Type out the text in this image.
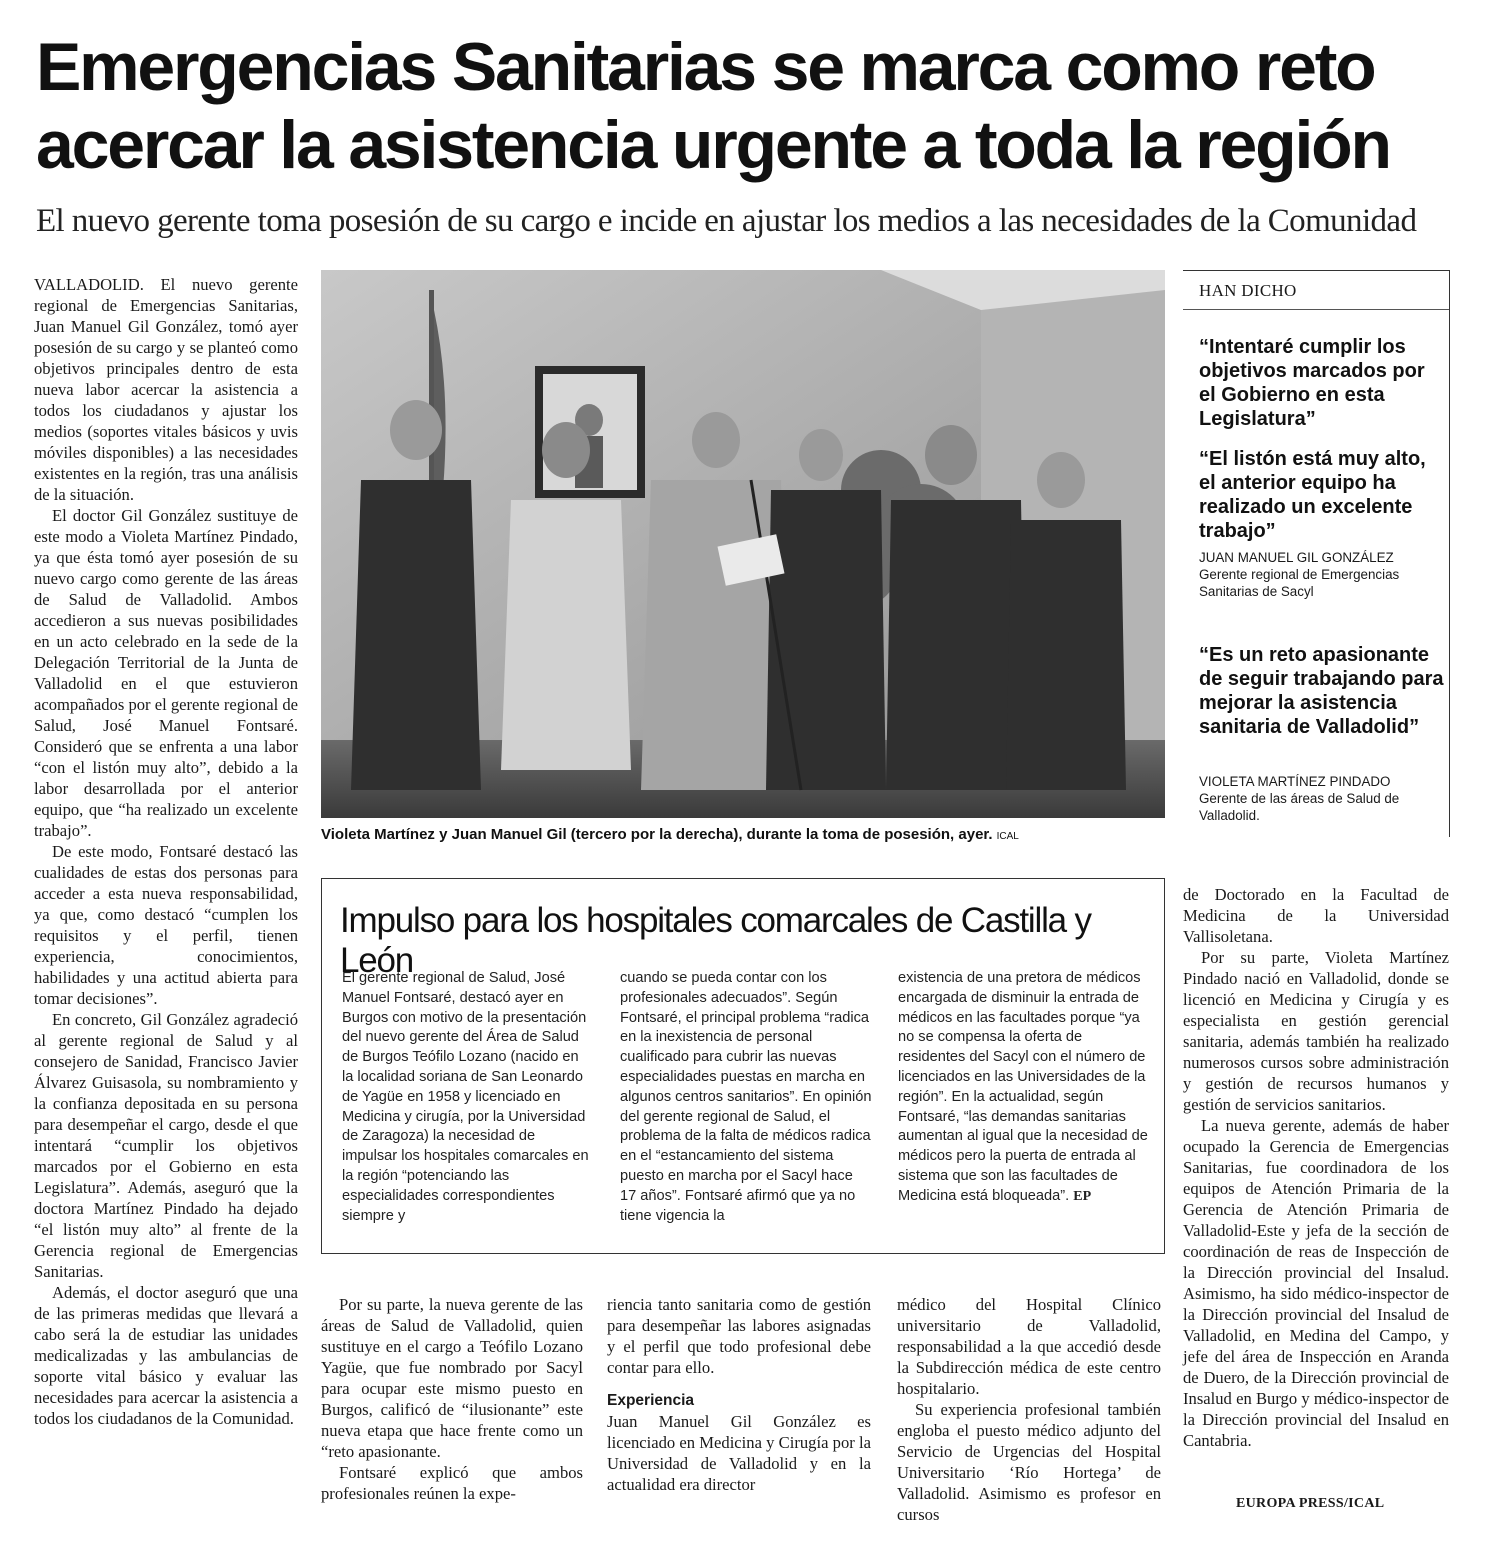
Emergencias Sanitarias se marca como reto
acercar la asistencia urgente a toda la región
El nuevo gerente toma posesión de su cargo e incide en ajustar los medios a las necesidades de la Comunidad

VALLADOLID. El nuevo gerente regional de Emergencias Sanitarias, Juan Manuel Gil González, tomó ayer posesión de su cargo y se planteó como objetivos principales dentro de esta nueva labor acercar la asistencia a todos los ciudadanos y ajustar los medios (soportes vitales básicos y uvis móviles disponibles) a las necesidades existentes en la región, tras una análisis de la situación.

El doctor Gil González sustituye de este modo a Violeta Martínez Pindado, ya que ésta tomó ayer posesión de su nuevo cargo como gerente de las áreas de Salud de Valladolid. Ambos accedieron a sus nuevas posibilidades en un acto celebrado en la sede de la Delegación Territorial de la Junta de Valladolid en el que estuvieron acompañados por el gerente regional de Salud, José Manuel Fontsaré. Consideró que se enfrenta a una labor “con el listón muy alto”, debido a la labor desarrollada por el anterior equipo, que “ha realizado un excelente trabajo”.

De este modo, Fontsaré destacó las cualidades de estas dos personas para acceder a esta nueva responsabilidad, ya que, como destacó “cumplen los requisitos y el perfil, tienen experiencia, conocimientos, habilidades y una actitud abierta para tomar decisiones”.

En concreto, Gil González agradeció al gerente regional de Salud y al consejero de Sanidad, Francisco Javier Álvarez Guisasola, su nombramiento y la confianza depositada en su persona para desempeñar el cargo, desde el que intentará “cumplir los objetivos marcados por el Gobierno en esta Legislatura”. Además, aseguró que la doctora Martínez Pindado ha dejado “el listón muy alto” al frente de la Gerencia regional de Emergencias Sanitarias.

Además, el doctor aseguró que una de las primeras medidas que llevará a cabo será la de estudiar las unidades medicalizadas y las ambulancias de soporte vital básico y evaluar las necesidades para acercar la asistencia a todos los ciudadanos de la Comunidad.

Violeta Martínez y Juan Manuel Gil (tercero por la derecha), durante la toma de posesión, ayer. ICAL
HAN DICHO
“Intentaré cumplir los objetivos marcados por el Gobierno en esta Legislatura”
“El listón está muy alto, el anterior equipo ha realizado un excelente trabajo”
JUAN MANUEL GIL GONZÁLEZ
Gerente regional de Emergencias Sanitarias de Sacyl
“Es un reto apasionante de seguir trabajando para mejorar la asistencia sanitaria de Valladolid”
VIOLETA MARTÍNEZ PINDADO
Gerente de las áreas de Salud de Valladolid.
Impulso para los hospitales comarcales de Castilla y León
El gerente regional de Salud, José Manuel Fontsaré, destacó ayer en Burgos con motivo de la presentación del nuevo gerente del Área de Salud de Burgos Teófilo Lozano (nacido en la localidad soriana de San Leonardo de Yagüe en 1958 y licenciado en Medicina y cirugía, por la Universidad de Zaragoza) la necesidad de impulsar los hospitales comarcales en la región “potenciando las especialidades correspondientes siempre y
cuando se pueda contar con los profesionales adecuados”. Según Fontsaré, el principal problema “radica en la inexistencia de personal cualificado para cubrir las nuevas especialidades puestas en marcha en algunos centros sanitarios”. En opinión del gerente regional de Salud, el problema de la falta de médicos radica en el “estancamiento del sistema puesto en marcha por el Sacyl hace 17 años”. Fontsaré afirmó que ya no tiene vigencia la
existencia de una pretora de médicos encargada de disminuir la entrada de médicos en las facultades porque “ya no se compensa la oferta de residentes del Sacyl con el número de licenciados en las Universidades de la región”. En la actualidad, según Fontsaré, “las demandas sanitarias aumentan al igual que la necesidad de médicos pero la puerta de entrada al sistema que son las facultades de Medicina está bloqueada”. EP

Por su parte, la nueva gerente de las áreas de Salud de Valladolid, quien sustituye en el cargo a Teófilo Lozano Yagüe, que fue nombrado por Sacyl para ocupar este mismo puesto en Burgos, calificó de “ilusionante” este nueva etapa que hace frente como un “reto apasionante.

Fontsaré explicó que ambos profesionales reúnen la expe-

riencia tanto sanitaria como de gestión para desempeñar las labores asignadas y el perfil que todo profesional debe contar para ello.

Experiencia

Juan Manuel Gil González es licenciado en Medicina y Cirugía por la Universidad de Valladolid y en la actualidad era director

médico del Hospital Clínico universitario de Valladolid, responsabilidad a la que accedió desde la Subdirección médica de este centro hospitalario.

Su experiencia profesional también engloba el puesto médico adjunto del Servicio de Urgencias del Hospital Universitario ‘Río Hortega’ de Valladolid. Asimismo es profesor en cursos

de Doctorado en la Facultad de Medicina de la Universidad Vallisoletana.

Por su parte, Violeta Martínez Pindado nació en Valladolid, donde se licenció en Medicina y Cirugía y es especialista en gestión gerencial sanitaria, además también ha realizado numerosos cursos sobre administración y gestión de recursos humanos y gestión de servicios sanitarios.

La nueva gerente, además de haber ocupado la Gerencia de Emergencias Sanitarias, fue coordinadora de los equipos de Atención Primaria de la Gerencia de Atención Primaria de Valladolid-Este y jefa de la sección de coordinación de reas de Inspección de la Dirección provincial del Insalud. Asimismo, ha sido médico-inspector de la Dirección provincial del Insalud de Valladolid, en Medina del Campo, y jefe del área de Inspección en Aranda de Duero, de la Dirección provincial de Insalud en Burgo y médico-inspector de la Dirección provincial del Insalud en Cantabria.

EUROPA PRESS/ICAL
